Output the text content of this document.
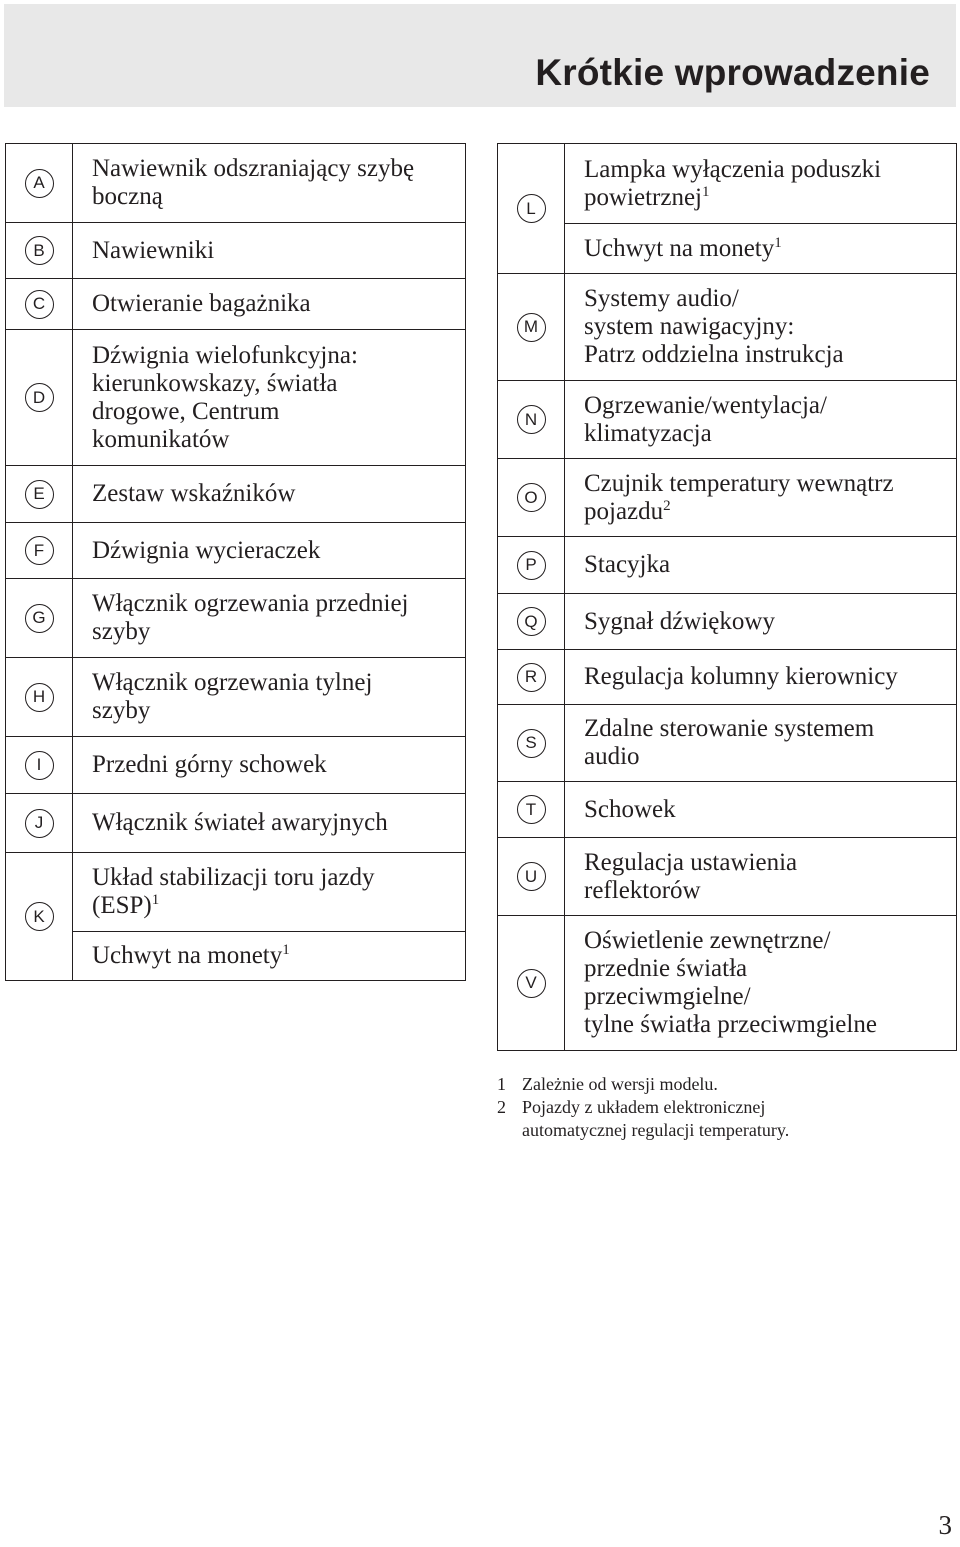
Krótkie wprowadzenie
A	Nawiewnik odszraniający szybę
boczną

B	Nawiewniki

C	Otwieranie bagażnika

D	Dźwignia wielofunkcyjna:
kierunkowskazy, światła
drogowe, Centrum
komunikatów

E	Zestaw wskaźników

F	Dźwignia wycieraczek

G	Włącznik ogrzewania przedniej
szyby

H	Włącznik ogrzewania tylnej
szyby

I	Przedni górny schowek

J	Włącznik świateł awaryjnych

K	Układ stabilizacji toru jazdy
(ESP)$^1$

	Uchwyt na monety$^1$
L	Lampka wyłączenia poduszki
powietrznej$^1$

	Uchwyt na monety$^1$

M	Systemy audio/
system nawigacyjny:
Patrz oddzielna instrukcja

N	Ogrzewanie/wentylacja/
klimatyzacja

O	Czujnik temperatury wewnątrz
pojazdu$^2$

P	Stacyjka

Q	Sygnał dźwiękowy

R	Regulacja kolumny kierownicy

S	Zdalne sterowanie systemem
audio

T	Schowek

U	Regulacja ustawienia
reflektorów

V	Oświetlenie zewnętrzne/
przednie światła
przeciwmgielne/
tylne światła przeciwmgielne
1 Zależnie od wersji modelu.
2 Pojazdy z układem elektronicznej
automatycznej regulacji temperatury.
3
